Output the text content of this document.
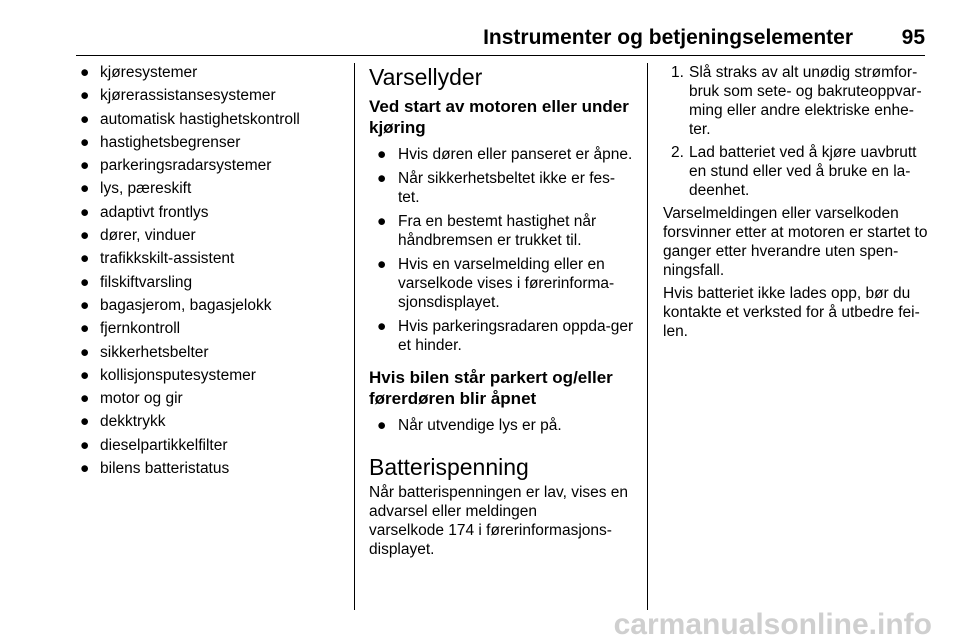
Instrumenter og betjeningselementer 95
● kjøresystemer
● kjørerassistansesystemer
● automatisk hastighetskontroll
● hastighetsbegrenser
● parkeringsradarsystemer
● lys, pæreskift
● adaptivt frontlys
● dører, vinduer
● trafikkskilt-assistent
● filskiftvarsling
● bagasjerom, bagasjelokk
● fjernkontroll
● sikkerhetsbelter
● kollisjonsputesystemer
● motor og gir
● dekktrykk
● dieselpartikkelfilter
● bilens batteristatus
Varsellyder
Ved start av motoren eller under kjøring
● Hvis døren eller panseret er åpne.
● Når sikkerhetsbeltet ikke er fes-tet.
● Fra en bestemt hastighet når håndbremsen er trukket til.
● Hvis en varselmelding eller en varselkode vises i førerinforma-sjonsdisplayet.
● Hvis parkeringsradaren oppda-ger et hinder.
Hvis bilen står parkert og/eller førerdøren blir åpnet
● Når utvendige lys er på.
Batterispenning

Når batterispenningen er lav, vises en advarsel eller meldingen

varselkode 174 i førerinformasjons-displayet.

1. Slå straks av alt unødig strømfor-bruk som sete- og bakruteoppvar-ming eller andre elektriske enhe-ter.
2. Lad batteriet ved å kjøre uavbrutt en stund eller ved å bruke en la-deenhet.

Varselmeldingen eller varselkoden forsvinner etter at motoren er startet to ganger etter hverandre uten spen-ningsfall.

Hvis batteriet ikke lades opp, bør du kontakte et verksted for å utbedre fei-len.

carmanualsonline.info
